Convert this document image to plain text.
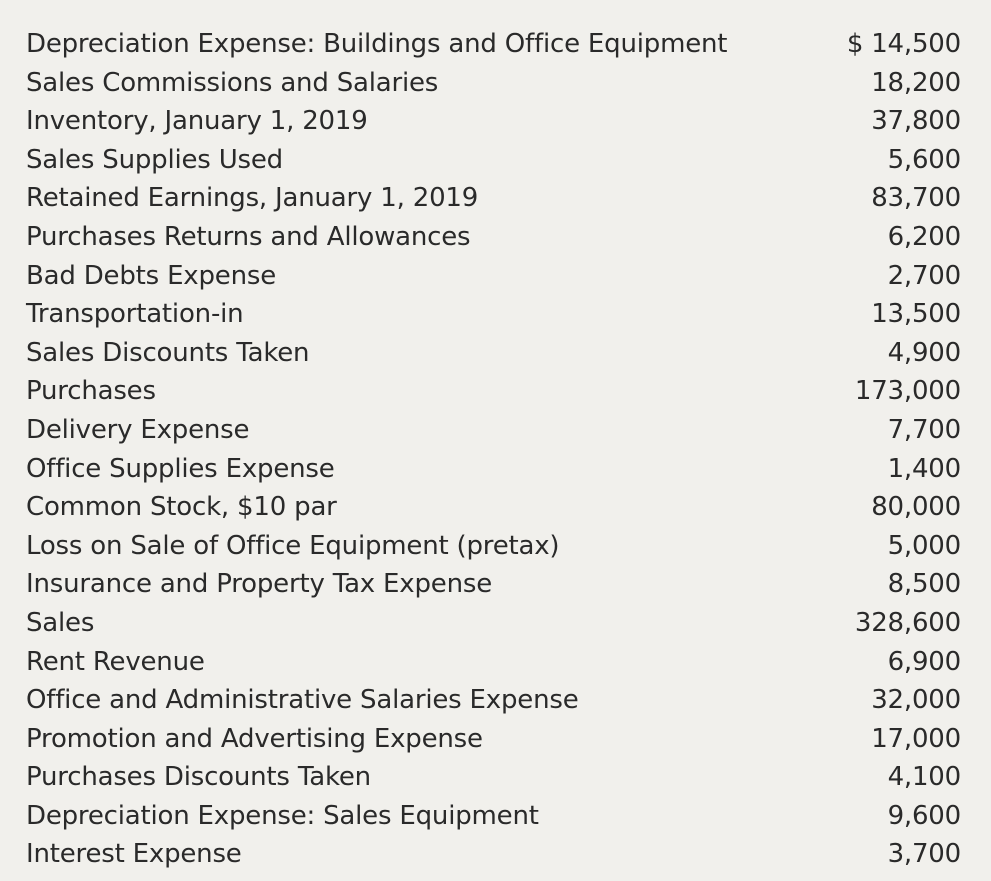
Depreciation Expense: Buildings and Office Equipment	$ 14,500
Sales Commissions and Salaries	18,200
Inventory, January 1, 2019	37,800
Sales Supplies Used	5,600
Retained Earnings, January 1, 2019	83,700
Purchases Returns and Allowances	6,200
Bad Debts Expense	2,700
Transportation-in	13,500
Sales Discounts Taken	4,900
Purchases	173,000
Delivery Expense	7,700
Office Supplies Expense	1,400
Common Stock, $10 par	80,000
Loss on Sale of Office Equipment (pretax)	5,000
Insurance and Property Tax Expense	8,500
Sales	328,600
Rent Revenue	6,900
Office and Administrative Salaries Expense	32,000
Promotion and Advertising Expense	17,000
Purchases Discounts Taken	4,100
Depreciation Expense: Sales Equipment	9,600
Interest Expense	3,700
